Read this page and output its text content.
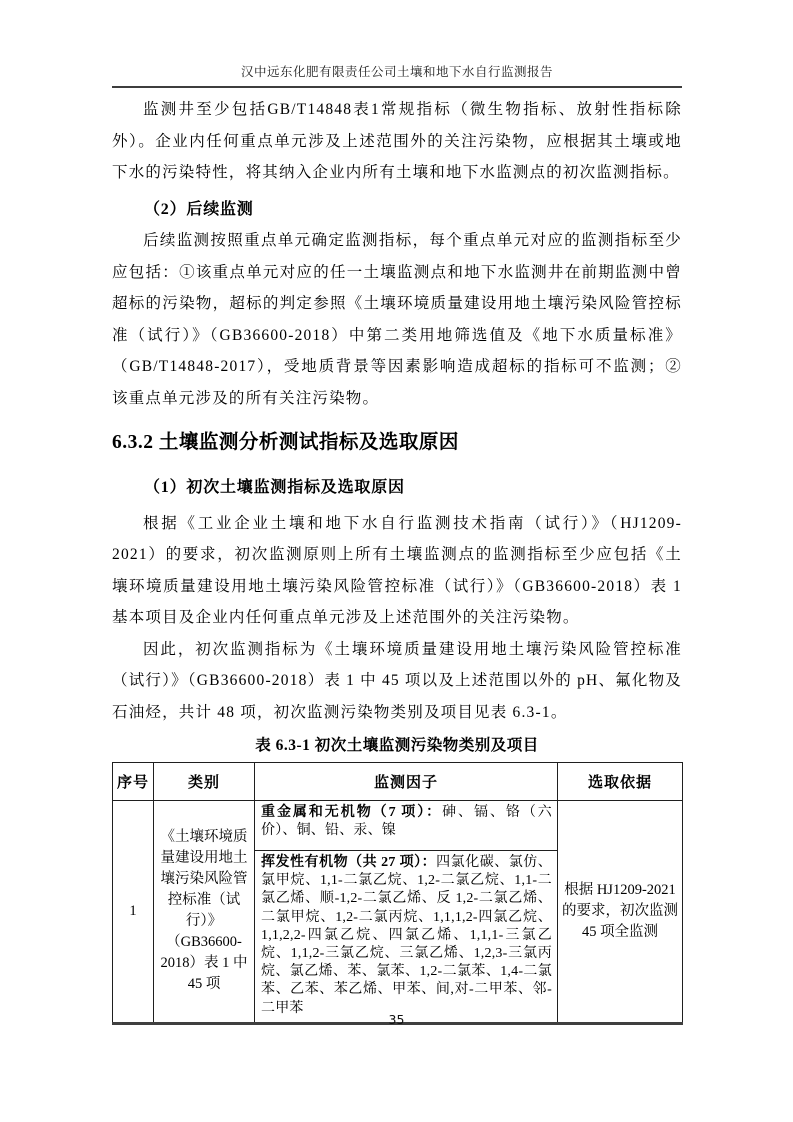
汉中远东化肥有限责任公司土壤和地下水自行监测报告

监测井至少包括GB/T14848表1常规指标（微生物指标、放射性指标除外）。企业内任何重点单元涉及上述范围外的关注污染物，应根据其土壤或地下水的污染特性，将其纳入企业内所有土壤和地下水监测点的初次监测指标。

（2）后续监测

后续监测按照重点单元确定监测指标，每个重点单元对应的监测指标至少应包括：①该重点单元对应的任一土壤监测点和地下水监测井在前期监测中曾超标的污染物，超标的判定参照《土壤环境质量建设用地土壤污染风险管控标准（试行）》（GB36600-2018）中第二类用地筛选值及《地下水质量标准》（GB/T14848-2017），受地质背景等因素影响造成超标的指标可不监测；②该重点单元涉及的所有关注污染物。

6.3.2 土壤监测分析测试指标及选取原因

（1）初次土壤监测指标及选取原因

根据《工业企业土壤和地下水自行监测技术指南（试行）》（HJ1209-2021）的要求，初次监测原则上所有土壤监测点的监测指标至少应包括《土壤环境质量建设用地土壤污染风险管控标准（试行）》（GB36600-2018）表 1 基本项目及企业内任何重点单元涉及上述范围外的关注污染物。

因此，初次监测指标为《土壤环境质量建设用地土壤污染风险管控标准（试行）》（GB36600-2018）表 1 中 45 项以及上述范围以外的 pH、氟化物及石油烃，共计 48 项，初次监测污染物类别及项目见表 6.3-1。

表 6.3-1 初次土壤监测污染物类别及项目

序号	类别	监测因子	选取依据
1	《土壤环境质量建设用地土壤污染风险管控标准（试行）》（GB36600-2018）表 1 中 45 项	重金属和无机物（7 项）：砷、镉、铬（六价）、铜、铅、汞、镍	根据 HJ1209-2021 的要求，初次监测 45 项全监测
		挥发性有机物（共 27 项）：四氯化碳、氯仿、氯甲烷、1,1-二氯乙烷、1,2-二氯乙烷、1,1-二氯乙烯、顺-1,2-二氯乙烯、反 1,2-二氯乙烯、二氯甲烷、1,2-二氯丙烷、1,1,1,2-四氯乙烷、1,1,2,2-四氯乙烷、四氯乙烯、1,1,1-三氯乙烷、1,1,2-三氯乙烷、三氯乙烯、1,2,3-三氯丙烷、氯乙烯、苯、氯苯、1,2-二氯苯、1,4-二氯苯、乙苯、苯乙烯、甲苯、间,对-二甲苯、邻-二甲苯	
35
